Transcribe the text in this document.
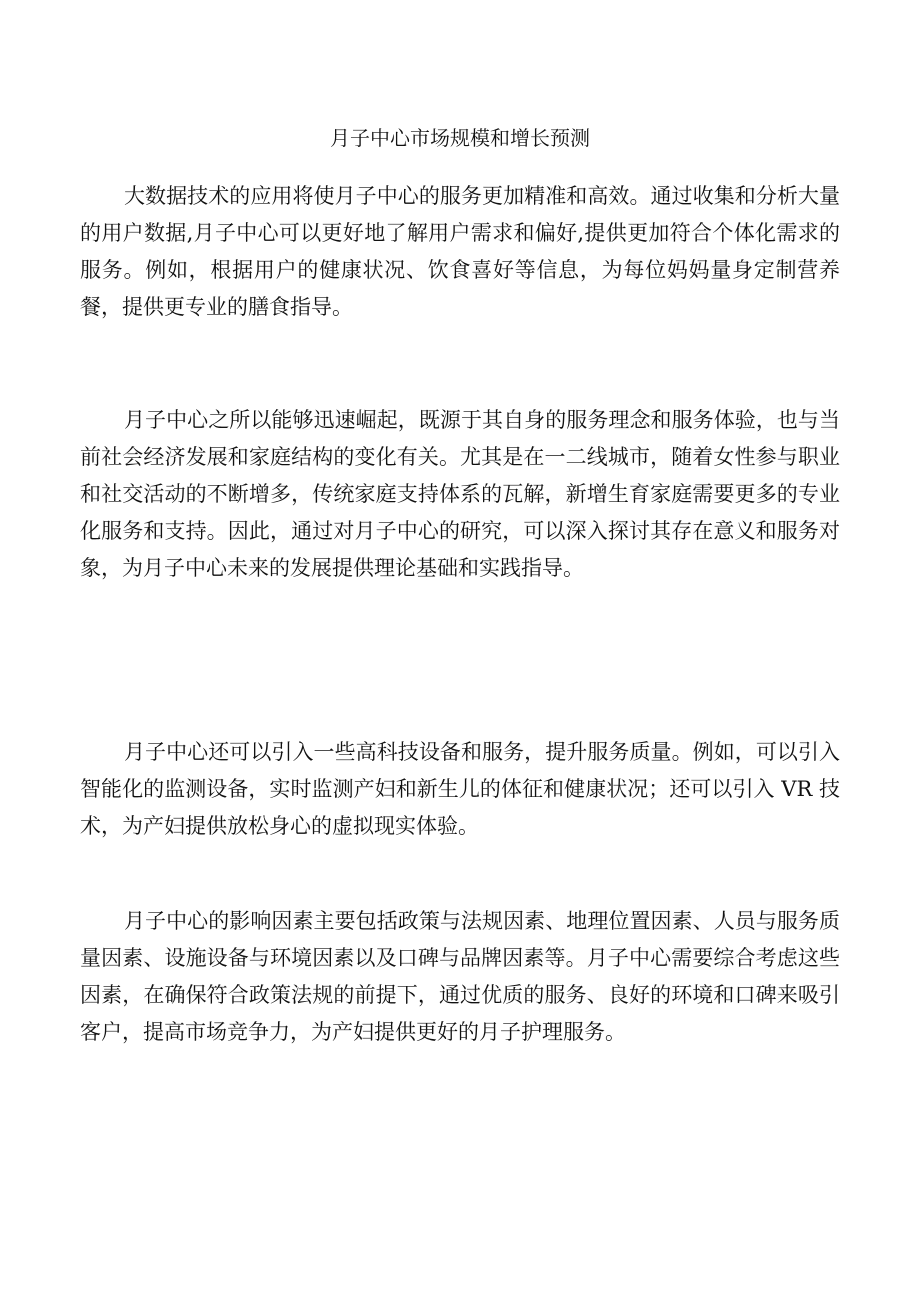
月子中心市场规模和增长预测

大数据技术的应用将使月子中心的服务更加精准和高效。通过收集和分析大量的用户数据,月子中心可以更好地了解用户需求和偏好,提供更加符合个体化需求的服务。例如，根据用户的健康状况、饮食喜好等信息，为每位妈妈量身定制营养餐，提供更专业的膳食指导。

月子中心之所以能够迅速崛起，既源于其自身的服务理念和服务体验，也与当前社会经济发展和家庭结构的变化有关。尤其是在一二线城市，随着女性参与职业和社交活动的不断增多，传统家庭支持体系的瓦解，新增生育家庭需要更多的专业化服务和支持。因此，通过对月子中心的研究，可以深入探讨其存在意义和服务对象，为月子中心未来的发展提供理论基础和实践指导。

月子中心还可以引入一些高科技设备和服务，提升服务质量。例如，可以引入智能化的监测设备，实时监测产妇和新生儿的体征和健康状况；还可以引入 VR 技术，为产妇提供放松身心的虚拟现实体验。

月子中心的影响因素主要包括政策与法规因素、地理位置因素、人员与服务质量因素、设施设备与环境因素以及口碑与品牌因素等。月子中心需要综合考虑这些因素，在确保符合政策法规的前提下，通过优质的服务、良好的环境和口碑来吸引客户，提高市场竞争力，为产妇提供更好的月子护理服务。
